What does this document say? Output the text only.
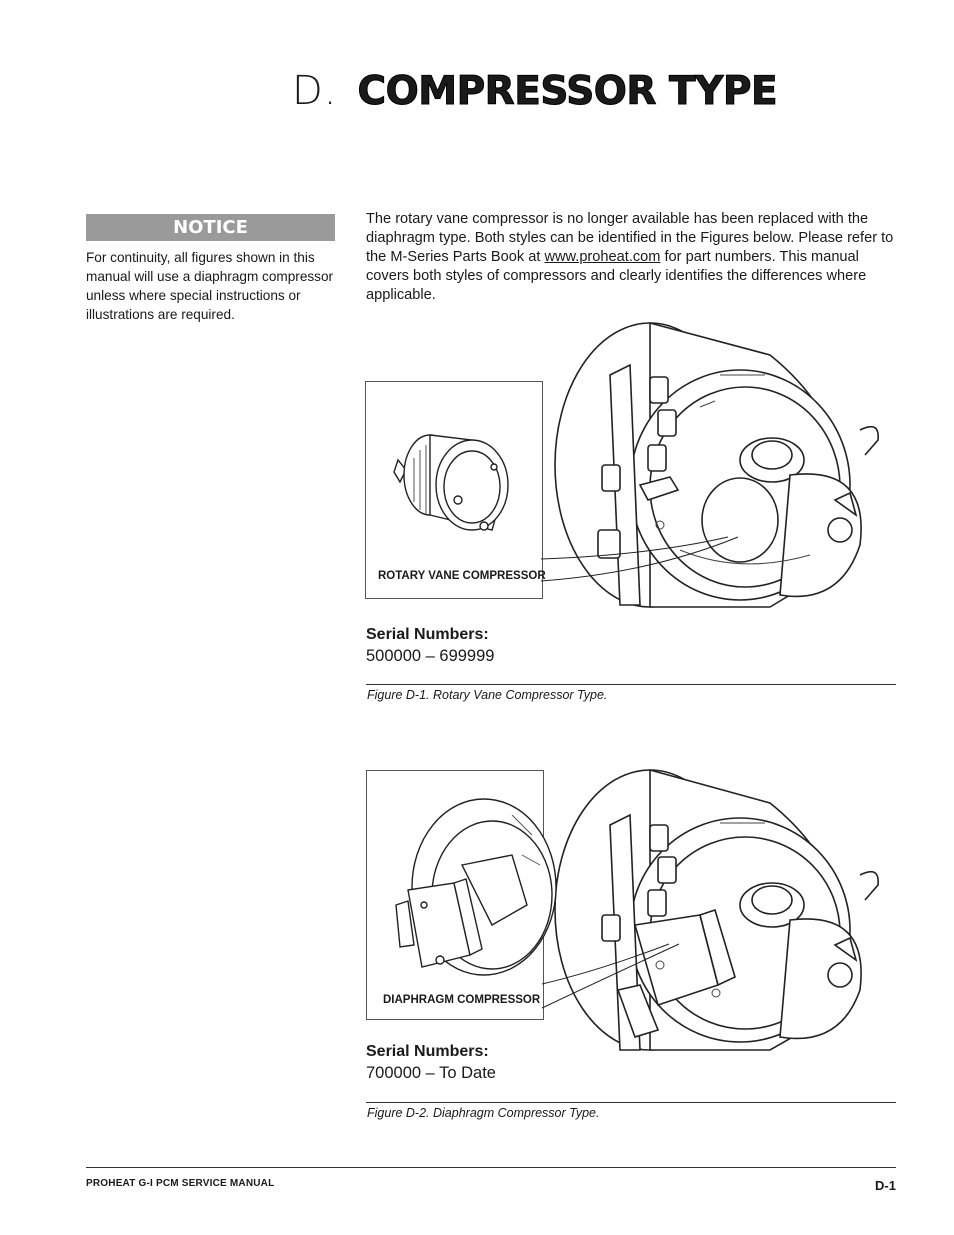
D. COMPRESSOR TYPE
NOTICE
For continuity, all figures shown in this manual will use a diaphragm compressor unless where special instructions or illustrations are required.
The rotary vane compressor is no longer available has been replaced with the diaphragm type. Both styles can be identified in the Figures below. Please refer to the M-Series Parts Book at www.proheat.com for part numbers. This manual covers both styles of compressors and clearly identifies the differences where applicable.
ROTARY VANE COMPRESSOR
Serial Numbers:
500000 – 699999
Figure D-1. Rotary Vane Compressor Type.
DIAPHRAGM COMPRESSOR
Serial Numbers:
700000 – To Date
Figure D-2. Diaphragm Compressor Type.
PROHEAT G-I PCM SERVICE MANUAL	D-1
